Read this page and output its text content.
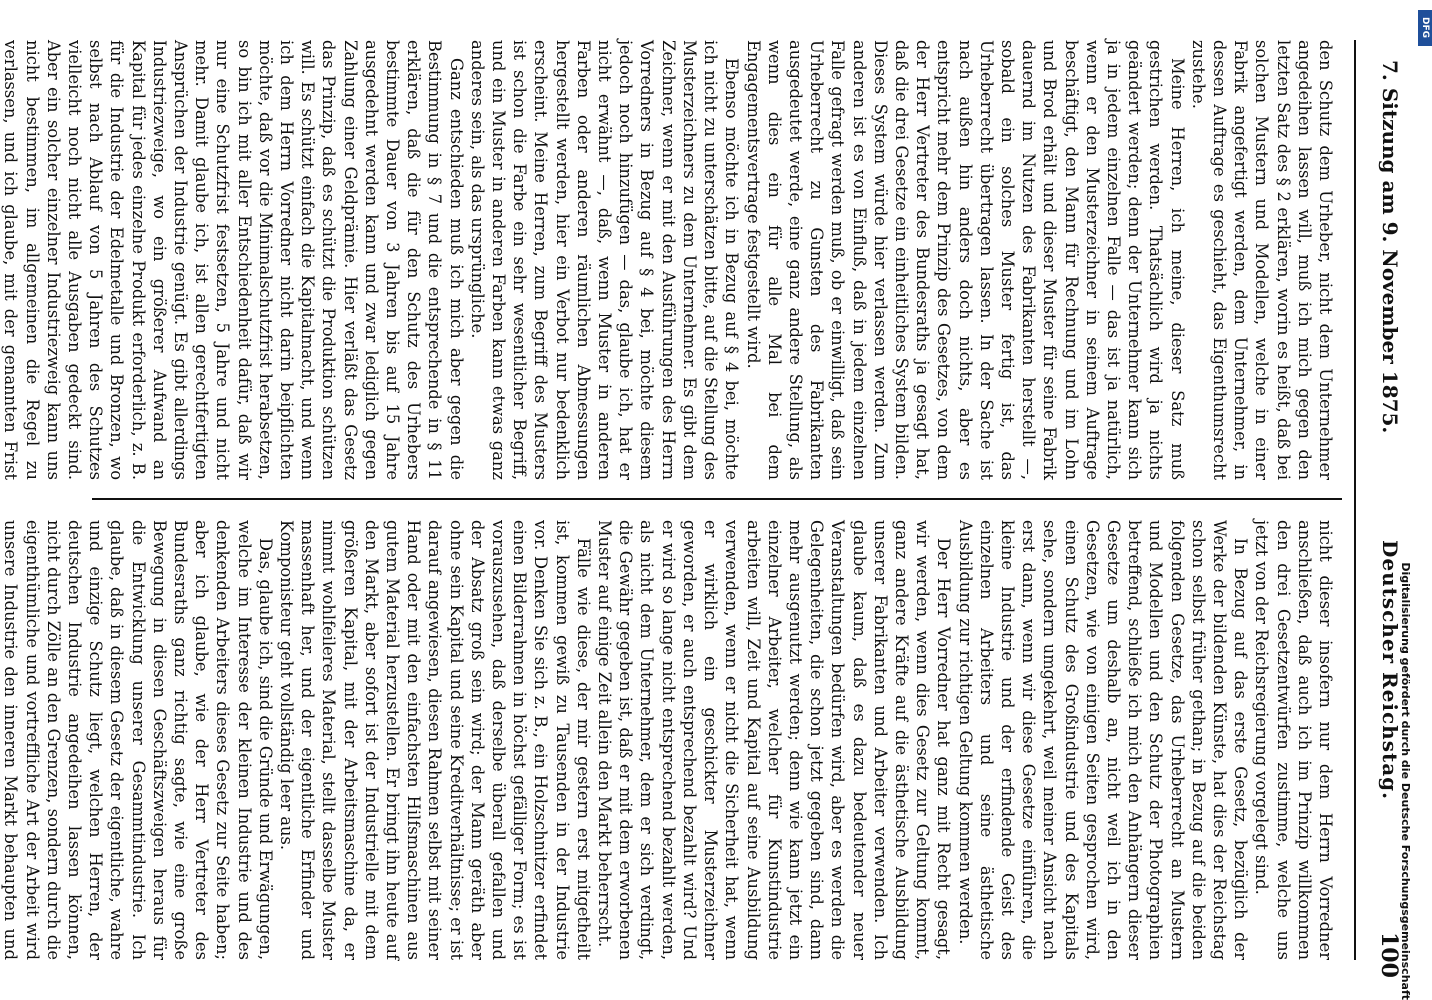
100
Deutscher Reichstag.
7. Sitzung am 9. November 1875.

nicht dieser insofern nur dem Herrn Vorredner anschließen, daß auch ich im Prinzip willkommen den drei Gesetzentwürfen zustimme, welche uns jetzt von der Reichsregierung vorgelegt sind.

In Bezug auf das erste Gesetz, bezüglich der Werke der bildenden Künste, hat dies der Reichstag schon selbst früher gethan; in Bezug auf die beiden folgenden Gesetze, das Urheberrecht an Mustern und Modellen und den Schutz der Photographien betreffend, schließe ich mich den Anhängern dieser Gesetze um deshalb an, nicht weil ich in den Gesetzen, wie von einigen Seiten gesprochen wird, einen Schutz des Großindustrie und des Kapitals sehe, sondern umgekehrt, weil meiner Ansicht nach erst dann, wenn wir diese Gesetze einführen, die kleine Industrie und der erfindende Geist des einzelnen Arbeiters und seine ästhetische Ausbildung zur richtigen Geltung kommen werden.

Der Herr Vorredner hat ganz mit Recht gesagt, wir werden, wenn dies Gesetz zur Geltung kommt, ganz andere Kräfte auf die ästhetische Ausbildung unserer Fabrikanten und Arbeiter verwenden. Ich glaube kaum, daß es dazu bedeutender neuer Veranstaltungen bedürfen wird, aber es werden die Gelegenheiten, die schon jetzt gegeben sind, dann mehr ausgenutzt werden; denn wie kann jetzt ein einzelner Arbeiter, welcher für Kunstindustrie arbeiten will, Zeit und Kapital auf seine Ausbildung verwenden, wenn er nicht die Sicherheit hat, wenn er wirklich ein geschickter Musterzeichner geworden, er auch entsprechend bezahlt wird? Und er wird so lange nicht entsprechend bezahlt werden, als nicht dem Unternehmer, dem er sich verdingt, die Gewähr gegeben ist, daß er mit dem erworbenen Muster auf einige Zeit allein den Markt beherrscht.

Fälle wie diese, der mir gestern erst mitgetheilt ist, kommen gewiß zu Tausenden in der Industrie vor. Denken Sie sich z. B., ein Holzschnitzer erfindet einen Bilderrahmen in höchst gefälliger Form; es ist vorauszusehen, daß derselbe überall gefallen und der Absatz groß sein wird; der Mann geräth aber ohne sein Kapital und seine Kreditverhältnisse; er ist darauf angewiesen, diesen Rahmen selbst mit seiner Hand oder mit den einfachsten Hilfsmaschinen aus gutem Material herzustellen. Er bringt ihn heute auf den Markt, aber sofort ist der Industrielle mit dem größeren Kapital, mit der Arbeitsmaschine da, er nimmt wohlfeileres Material, stellt dasselbe Muster massenhaft her, und der eigentliche Erfinder und Komponisteur geht vollständig leer aus.

Das, glaube ich, sind die Gründe und Erwägungen, welche im Interesse der kleinen Industrie und des denkenden Arbeiters dieses Gesetz zur Seite haben; aber ich glaube, wie der Herr Vertreter des Bundesraths ganz richtig sagte, wie eine große Bewegung in diesen Geschäftszweigen heraus für die Entwicklung unserer Gesammtindustrie. Ich glaube, daß in diesem Gesetz der eigentliche, wahre und einzige Schutz liegt, welchen Herren, der deutschen Industrie angedeihen lassen können, nicht durch Zölle an den Grenzen, sondern durch die eigenthümliche und vortreffliche Art der Arbeit wird unsere Industrie den inneren Markt behaupten und

den Schutz dem Urheber, nicht dem Unternehmer angedeihen lassen will, muß ich mich gegen den letzten Satz des § 2 erklären, worin es heißt, daß bei solchen Mustern und Modellen, welche in einer Fabrik angefertigt werden, dem Unternehmer, in dessen Auftrage es geschieht, das Eigenthumsrecht zustehe.

Meine Herren, ich meine, dieser Satz muß gestrichen werden. Thatsächlich wird ja nichts geändert werden; denn der Unternehmer kann sich ja in jedem einzelnen Falle — das ist ja natürlich, wenn er den Musterzeichner in seinem Auftrage beschäftigt, den Mann für Rechnung und im Lohn und Brod erhält und dieser Muster für seine Fabrik dauernd im Nutzen des Fabrikanten herstellt —, sobald ein solches Muster fertig ist, das Urheberrecht übertragen lassen. In der Sache ist nach außen hin anders doch nichts, aber es entspricht mehr dem Prinzip des Gesetzes, von dem der Herr Vertreter des Bundesraths ja gesagt hat, daß die drei Gesetze ein einheitliches System bilden. Dieses System würde hier verlassen werden. Zum anderen ist es von Einfluß, daß in jedem einzelnen Falle gefragt werden muß, ob er einwilligt, daß sein Urheberrecht zu Gunsten des Fabrikanten ausgedeutet werde, eine ganz andere Stellung, als wenn dies ein für alle Mal bei dem Engagementsvertrage festgestellt wird.

Ebenso möchte ich in Bezug auf § 4 bei, möchte ich nicht zu unterschätzen bitte, auf die Stellung des Musterzeichners zu dem Unternehmer. Es gibt dem Zeichner, wenn er mit den Ausführungen des Herrn Vorredners in Bezug auf § 4 bei, möchte diesem jedoch noch hinzufügen — das, glaube ich, hat er nicht erwähnt —, daß, wenn Muster in anderen Farben oder anderen räumlichen Abmessungen hergestellt werden, hier ein Verbot nur bedenklich erscheint. Meine Herren, zum Begriff des Musters ist schon die Farbe ein sehr wesentlicher Begriff, und ein Muster in anderen Farben kann etwas ganz anderes sein, als das ursprüngliche.

Ganz entschieden muß ich mich aber gegen die Bestimmung in § 7 und die entsprechende in § 11 erklären, daß die für den Schutz des Urhebers bestimmte Dauer von 3 Jahren bis auf 15 Jahre ausgedehnt werden kann und zwar lediglich gegen Zahlung einer Geldprämie. Hier verläßt das Gesetz das Prinzip, daß es schützt die Produktion schützen will. Es schützt einfach die Kapitalmacht, und wenn ich dem Herrn Vorredner nicht darin beipflichten möchte, daß vor die Minimalschutzfrist herabsetzen, so bin ich mit aller Entschiedenheit dafür, daß wir nur eine Schutzfrist festsetzen, 5 Jahre und nicht mehr. Damit glaube ich, ist allen gerechtfertigten Ansprüchen der Industrie genügt. Es gibt allerdings Industriezweige, wo ein größerer Aufwand an Kapital für jedes einzelne Produkt erforderlich, z. B. für die Industrie der Edelmetalle und Bronzen, wo selbst nach Ablauf von 5 Jahren des Schutzes vielleicht noch nicht alle Ausgaben gedeckt sind. Aber ein solcher einzelner Industriezweig kann uns nicht bestimmen, im allgemeinen die Regel zu verlassen, und ich glaube, mit der genannten Frist

Digitalisierung gefördert durch die Deutsche Forschungsgemeinschaft
DFG
